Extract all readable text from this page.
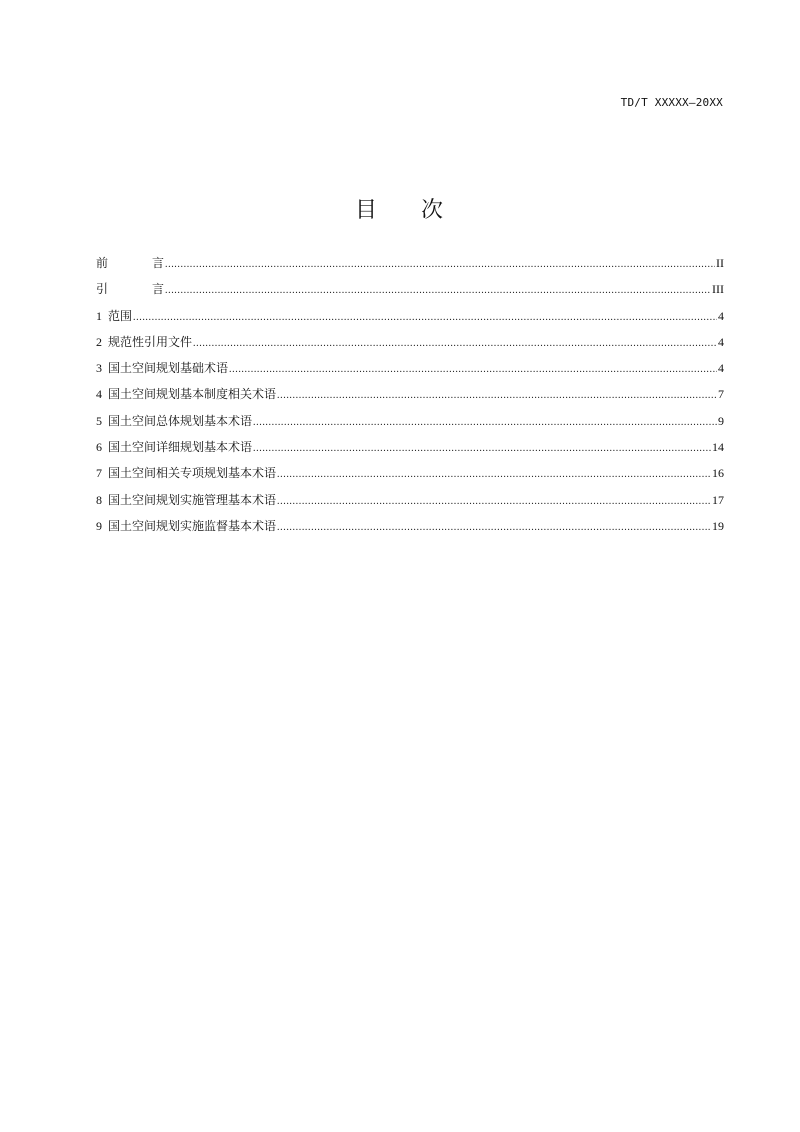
TD/T XXXXX—20XX
目 次
前 言 .....	II
引 言 .....	III
1 范围 .....	4
2 规范性引用文件 .....	4
3 国土空间规划基础术语 .....	4
4 国土空间规划基本制度相关术语 .....	7
5 国土空间总体规划基本术语 .....	9
6 国土空间详细规划基本术语 .....	14
7 国土空间相关专项规划基本术语 .....	16
8 国土空间规划实施管理基本术语 .....	17
9 国土空间规划实施监督基本术语 .....	19
